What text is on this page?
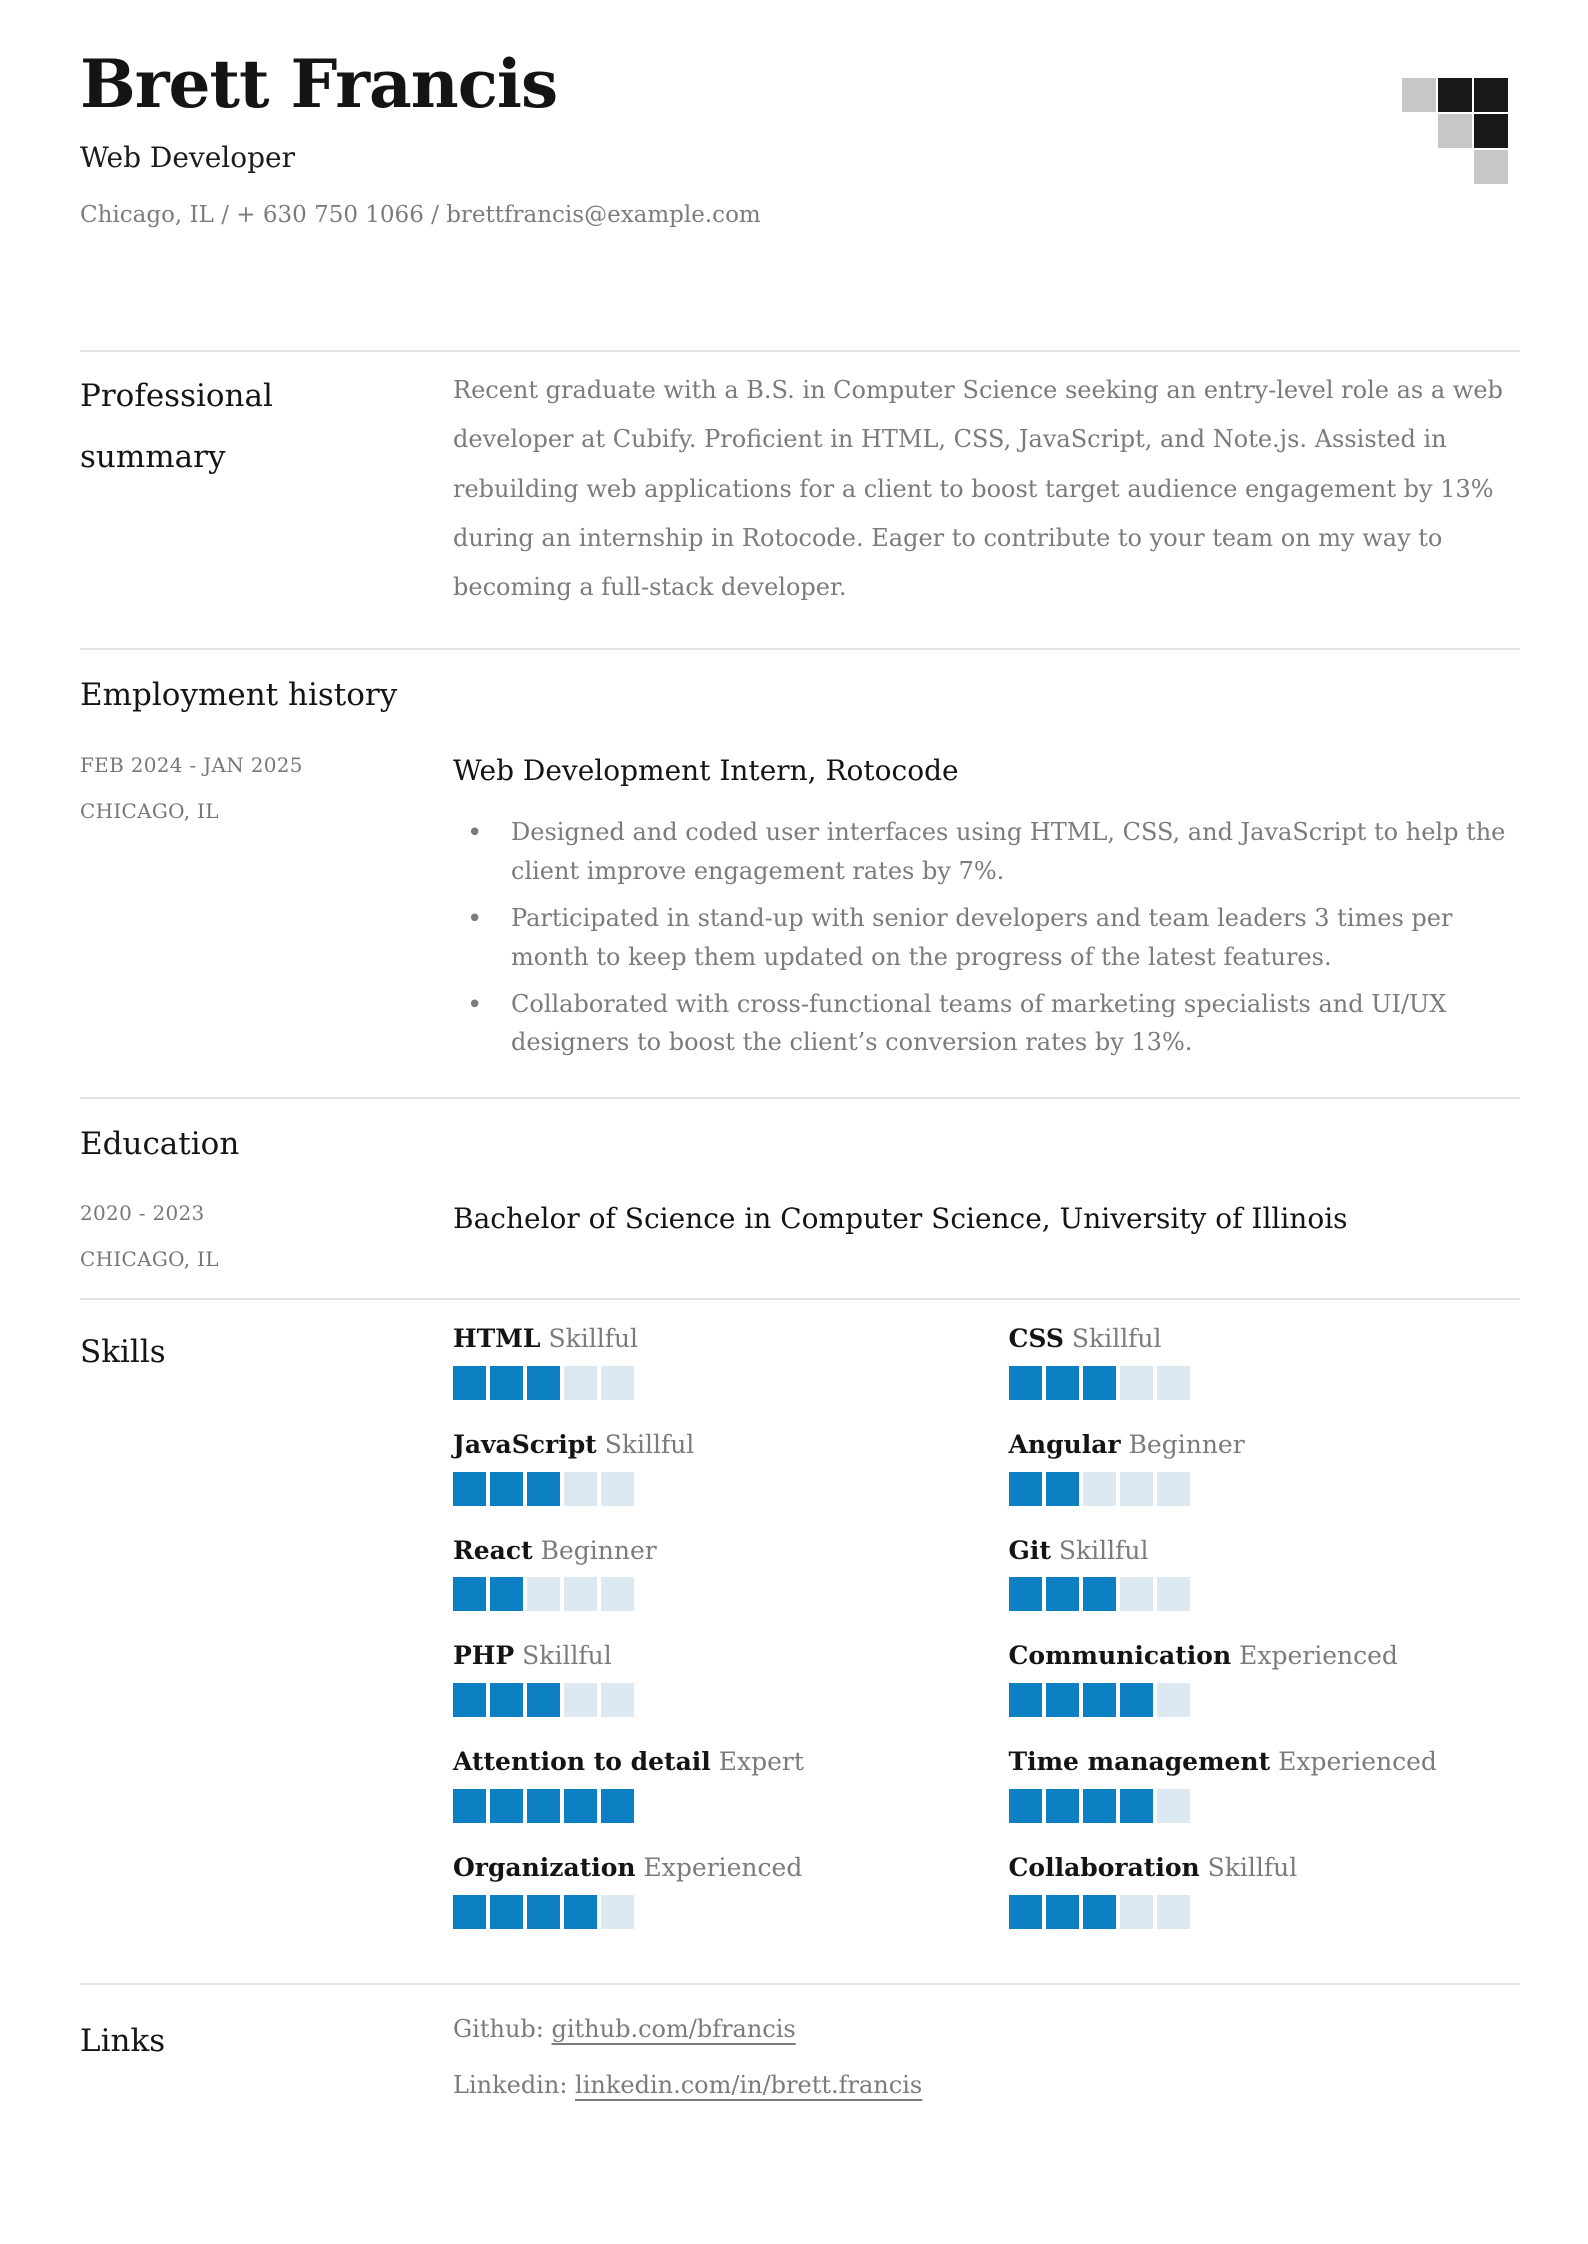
Brett Francis
Web Developer
Chicago, IL / + 630 750 1066 / brettfrancis@example.com
Professional summary

Recent graduate with a B.S. in Computer Science seeking an entry-level role as a web developer at Cubify. Proficient in HTML, CSS, JavaScript, and Note.js. Assisted in rebuilding web applications for a client to boost target audience engagement by 13% during an internship in Rotocode. Eager to contribute to your team on my way to becoming a full-stack developer.

Employment history
FEB 2024 - JAN 2025
CHICAGO, IL
Web Development Intern, Rotocode
• Designed and coded user interfaces using HTML, CSS, and JavaScript to help the client improve engagement rates by 7%.
• Participated in stand-up with senior developers and team leaders 3 times per month to keep them updated on the progress of the latest features.
• Collaborated with cross-functional teams of marketing specialists and UI/UX designers to boost the client’s conversion rates by 13%.
Education
2020 - 2023
CHICAGO, IL
Bachelor of Science in Computer Science, University of Illinois
Skills	HTML Skillful	CSS Skillful
JavaScript Skillful	Angular Beginner
React Beginner	Git Skillful
PHP Skillful	Communication Experienced
Attention to detail Expert	Time management Experienced
Organization Experienced	Collaboration Skillful
Links	Github: github.com/bfrancis
Linkedin: linkedin.com/in/brett.francis
